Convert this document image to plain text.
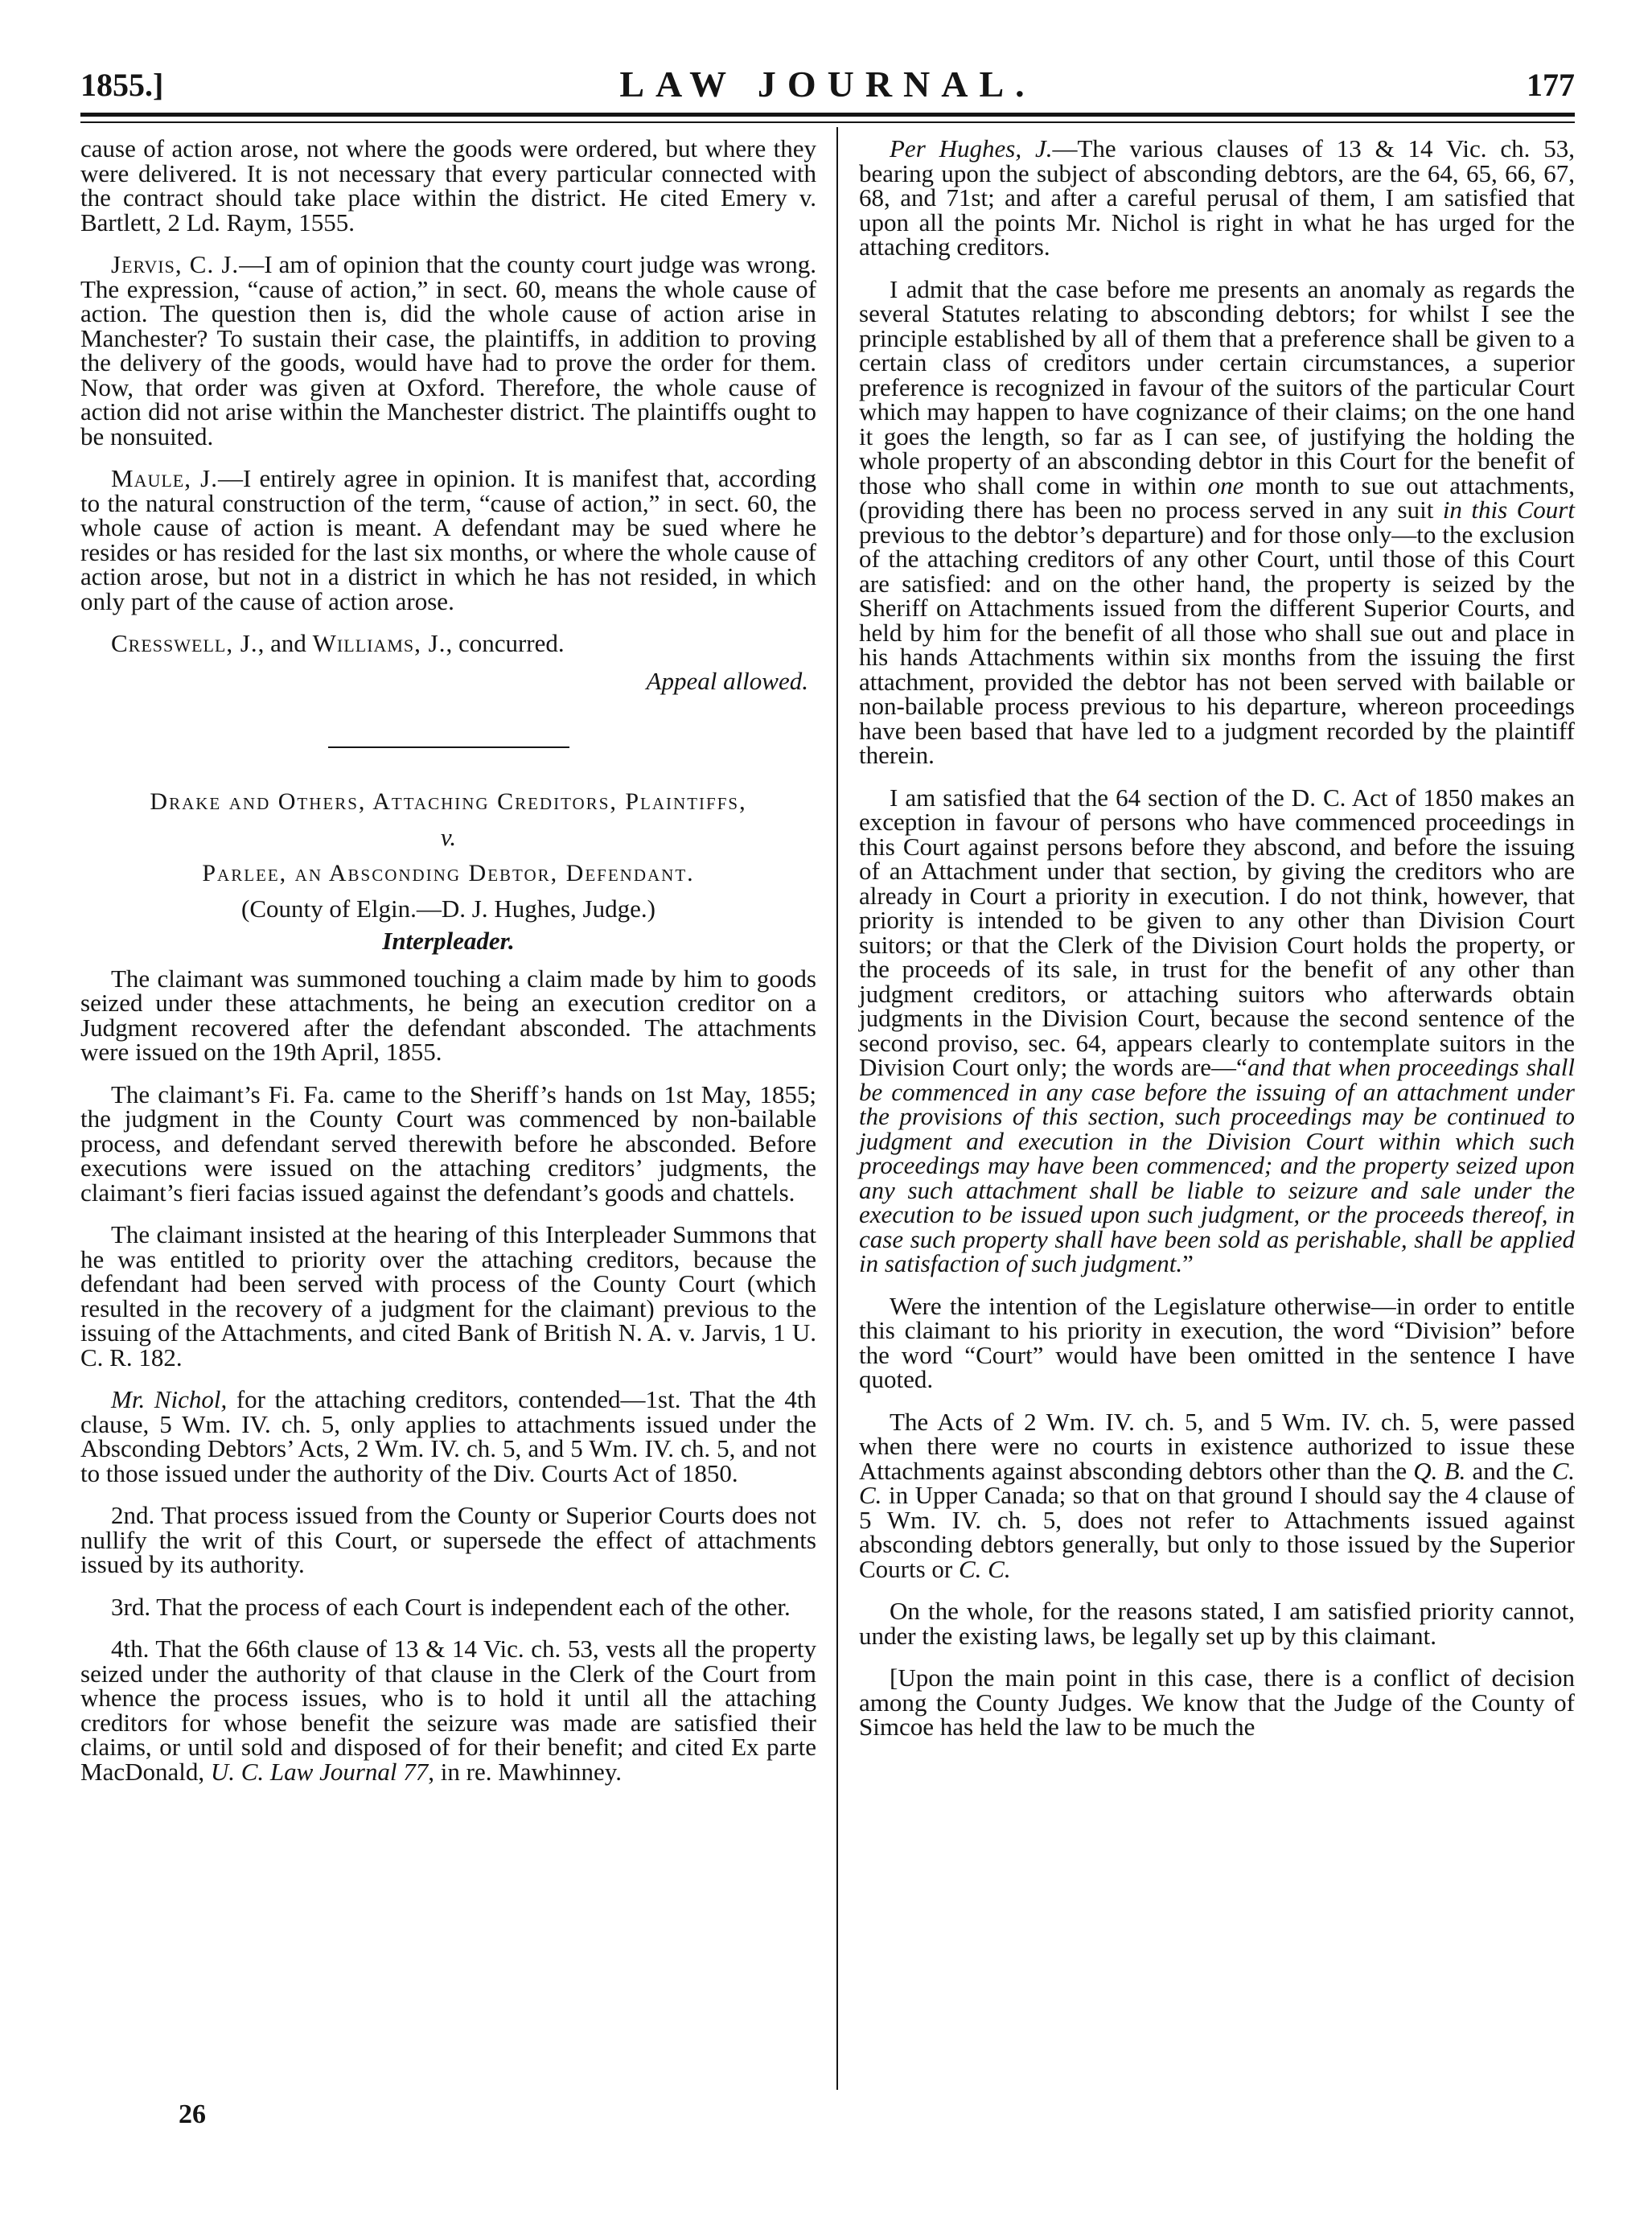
1855.]	LAW JOURNAL.	177

cause of action arose, not where the goods were ordered, but where they were delivered. It is not necessary that every particular connected with the contract should take place within the district. He cited Emery v. Bartlett, 2 Ld. Raym, 1555.

Jervis, C. J.—I am of opinion that the county court judge was wrong. The expression, “cause of action,” in sect. 60, means the whole cause of action. The question then is, did the whole cause of action arise in Manchester? To sustain their case, the plaintiffs, in addition to proving the delivery of the goods, would have had to prove the order for them. Now, that order was given at Oxford. Therefore, the whole cause of action did not arise within the Manchester district. The plaintiffs ought to be nonsuited.

Maule, J.—I entirely agree in opinion. It is manifest that, according to the natural construction of the term, “cause of action,” in sect. 60, the whole cause of action is meant. A defendant may be sued where he resides or has resided for the last six months, or where the whole cause of action arose, but not in a district in which he has not resided, in which only part of the cause of action arose.

Cresswell, J., and Williams, J., concurred.

Appeal allowed.
Drake and Others, Attaching Creditors, Plaintiffs,
v.
Parlee, an Absconding Debtor, Defendant.
(County of Elgin.—D. J. Hughes, Judge.)
Interpleader.

The claimant was summoned touching a claim made by him to goods seized under these attachments, he being an execution creditor on a Judgment recovered after the defendant absconded. The attachments were issued on the 19th April, 1855.

The claimant’s Fi. Fa. came to the Sheriff’s hands on 1st May, 1855; the judgment in the County Court was commenced by non-bailable process, and defendant served therewith before he absconded. Before executions were issued on the attaching creditors’ judgments, the claimant’s fieri facias issued against the defendant’s goods and chattels.

The claimant insisted at the hearing of this Interpleader Summons that he was entitled to priority over the attaching creditors, because the defendant had been served with process of the County Court (which resulted in the recovery of a judgment for the claimant) previous to the issuing of the Attachments, and cited Bank of British N. A. v. Jarvis, 1 U. C. R. 182.

Mr. Nichol, for the attaching creditors, contended—1st. That the 4th clause, 5 Wm. IV. ch. 5, only applies to attachments issued under the Absconding Debtors’ Acts, 2 Wm. IV. ch. 5, and 5 Wm. IV. ch. 5, and not to those issued under the authority of the Div. Courts Act of 1850.

2nd. That process issued from the County or Superior Courts does not nullify the writ of this Court, or supersede the effect of attachments issued by its authority.

3rd. That the process of each Court is independent each of the other.

4th. That the 66th clause of 13 & 14 Vic. ch. 53, vests all the property seized under the authority of that clause in the Clerk of the Court from whence the process issues, who is to hold it until all the attaching creditors for whose benefit the seizure was made are satisfied their claims, or until sold and disposed of for their benefit; and cited Ex parte MacDonald, U. C. Law Journal 77, in re. Mawhinney.

Per Hughes, J.—The various clauses of 13 & 14 Vic. ch. 53, bearing upon the subject of absconding debtors, are the 64, 65, 66, 67, 68, and 71st; and after a careful perusal of them, I am satisfied that upon all the points Mr. Nichol is right in what he has urged for the attaching creditors.

I admit that the case before me presents an anomaly as regards the several Statutes relating to absconding debtors; for whilst I see the principle established by all of them that a preference shall be given to a certain class of creditors under certain circumstances, a superior preference is recognized in favour of the suitors of the particular Court which may happen to have cognizance of their claims; on the one hand it goes the length, so far as I can see, of justifying the holding the whole property of an absconding debtor in this Court for the benefit of those who shall come in within one month to sue out attachments, (providing there has been no process served in any suit in this Court previous to the debtor’s departure) and for those only—to the exclusion of the attaching creditors of any other Court, until those of this Court are satisfied: and on the other hand, the property is seized by the Sheriff on Attachments issued from the different Superior Courts, and held by him for the benefit of all those who shall sue out and place in his hands Attachments within six months from the issuing the first attachment, provided the debtor has not been served with bailable or non-bailable process previous to his departure, whereon proceedings have been based that have led to a judgment recorded by the plaintiff therein.

I am satisfied that the 64 section of the D. C. Act of 1850 makes an exception in favour of persons who have commenced proceedings in this Court against persons before they abscond, and before the issuing of an Attachment under that section, by giving the creditors who are already in Court a priority in execution. I do not think, however, that priority is intended to be given to any other than Division Court suitors; or that the Clerk of the Division Court holds the property, or the proceeds of its sale, in trust for the benefit of any other than judgment creditors, or attaching suitors who afterwards obtain judgments in the Division Court, because the second sentence of the second proviso, sec. 64, appears clearly to contemplate suitors in the Division Court only; the words are—“and that when proceedings shall be commenced in any case before the issuing of an attachment under the provisions of this section, such proceedings may be continued to judgment and execution in the Division Court within which such proceedings may have been commenced; and the property seized upon any such attachment shall be liable to seizure and sale under the execution to be issued upon such judgment, or the proceeds thereof, in case such property shall have been sold as perishable, shall be applied in satisfaction of such judgment.”

Were the intention of the Legislature otherwise—in order to entitle this claimant to his priority in execution, the word “Division” before the word “Court” would have been omitted in the sentence I have quoted.

The Acts of 2 Wm. IV. ch. 5, and 5 Wm. IV. ch. 5, were passed when there were no courts in existence authorized to issue these Attachments against absconding debtors other than the Q. B. and the C. C. in Upper Canada; so that on that ground I should say the 4 clause of 5 Wm. IV. ch. 5, does not refer to Attachments issued against absconding debtors generally, but only to those issued by the Superior Courts or C. C.

On the whole, for the reasons stated, I am satisfied priority cannot, under the existing laws, be legally set up by this claimant.

[Upon the main point in this case, there is a conflict of decision among the County Judges. We know that the Judge of the County of Simcoe has held the law to be much the

26
